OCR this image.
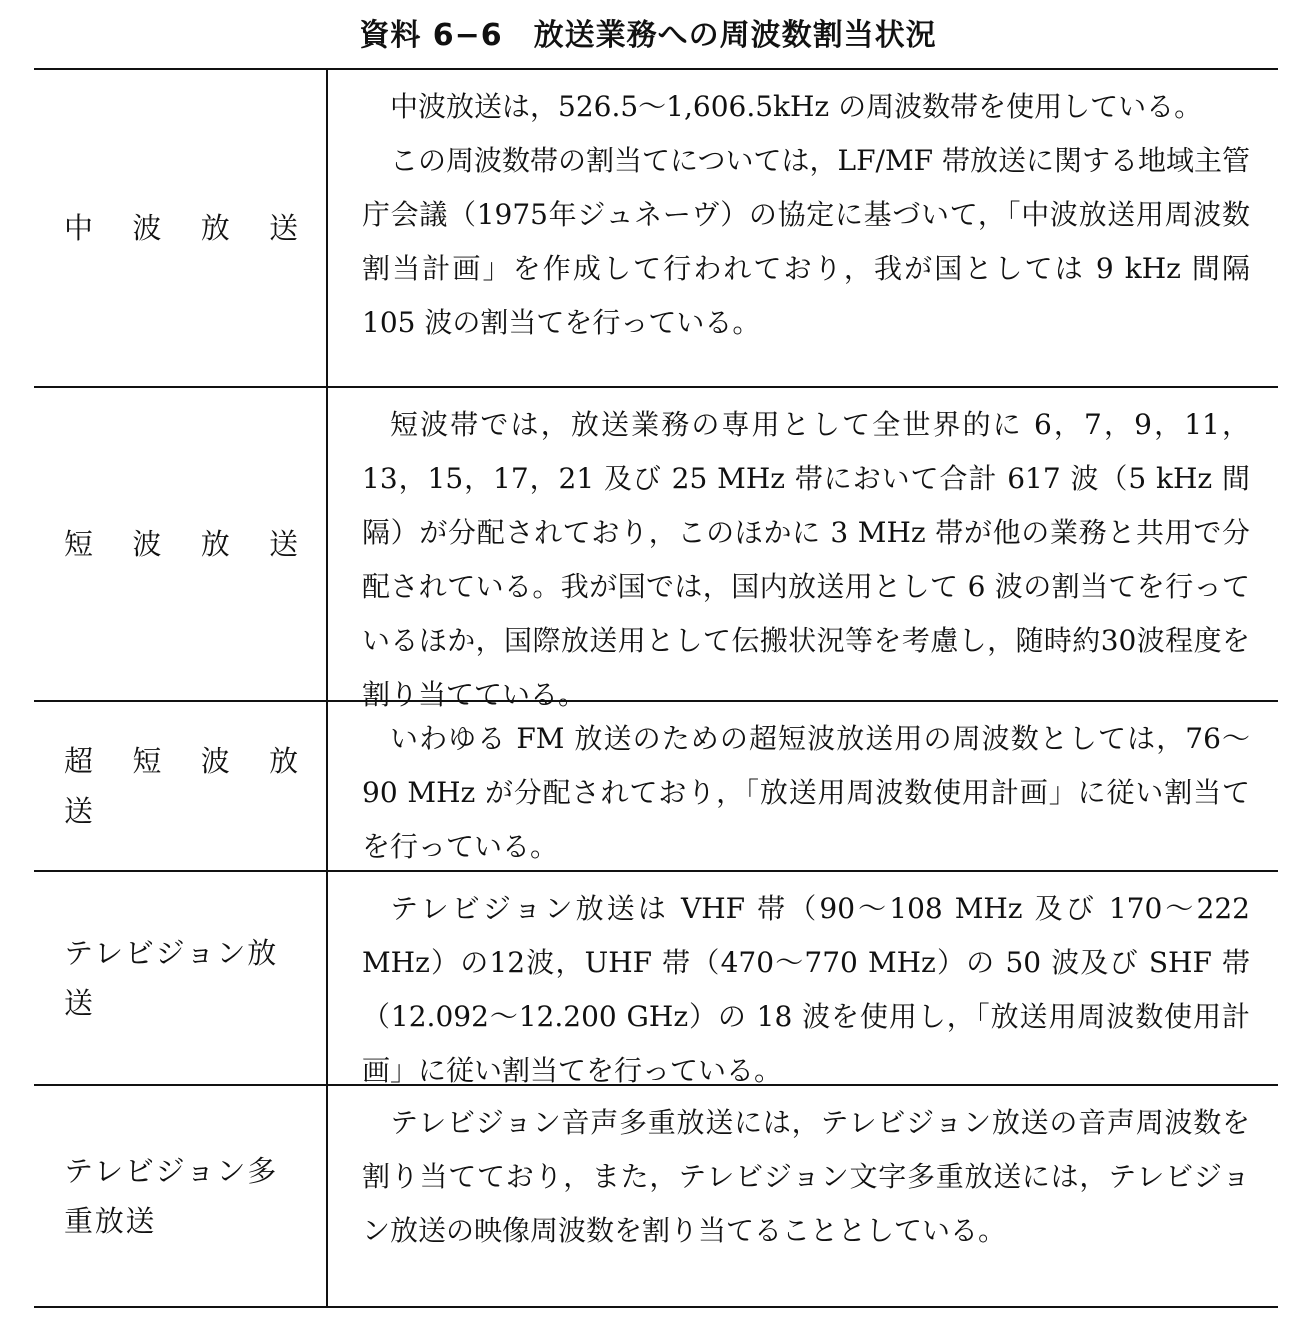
資料 6−6　放送業務への周波数割当状況
中 波 放 送

中波放送は，526.5〜1,606.5kHz の周波数帯を使用している。

この周波数帯の割当てについては，LF/MF 帯放送に関する地域主管庁会議（1975年ジュネーヴ）の協定に基づいて，「中波放送用周波数割当計画」を作成して行われており，我が国としては 9 kHz 間隔 105 波の割当てを行っている。

短 波 放 送

短波帯では，放送業務の専用として全世界的に 6，7，9，11，13，15，17，21 及び 25 MHz 帯において合計 617 波（5 kHz 間隔）が分配されており，このほかに 3 MHz 帯が他の業務と共用で分配されている。我が国では，国内放送用として 6 波の割当てを行っているほか，国際放送用として伝搬状況等を考慮し，随時約30波程度を割り当てている。

超 短 波 放 送

いわゆる FM 放送のための超短波放送用の周波数としては，76〜90 MHz が分配されており，「放送用周波数使用計画」に従い割当てを行っている。

テレビジョン放送

テレビジョン放送は VHF 帯（90〜108 MHz 及び 170〜222 MHz）の12波，UHF 帯（470〜770 MHz）の 50 波及び SHF 帯（12.092〜12.200 GHz）の 18 波を使用し，「放送用周波数使用計画」に従い割当てを行っている。

テレビジョン多重放送

テレビジョン音声多重放送には，テレビジョン放送の音声周波数を割り当てており，また，テレビジョン文字多重放送には，テレビジョン放送の映像周波数を割り当てることとしている。
